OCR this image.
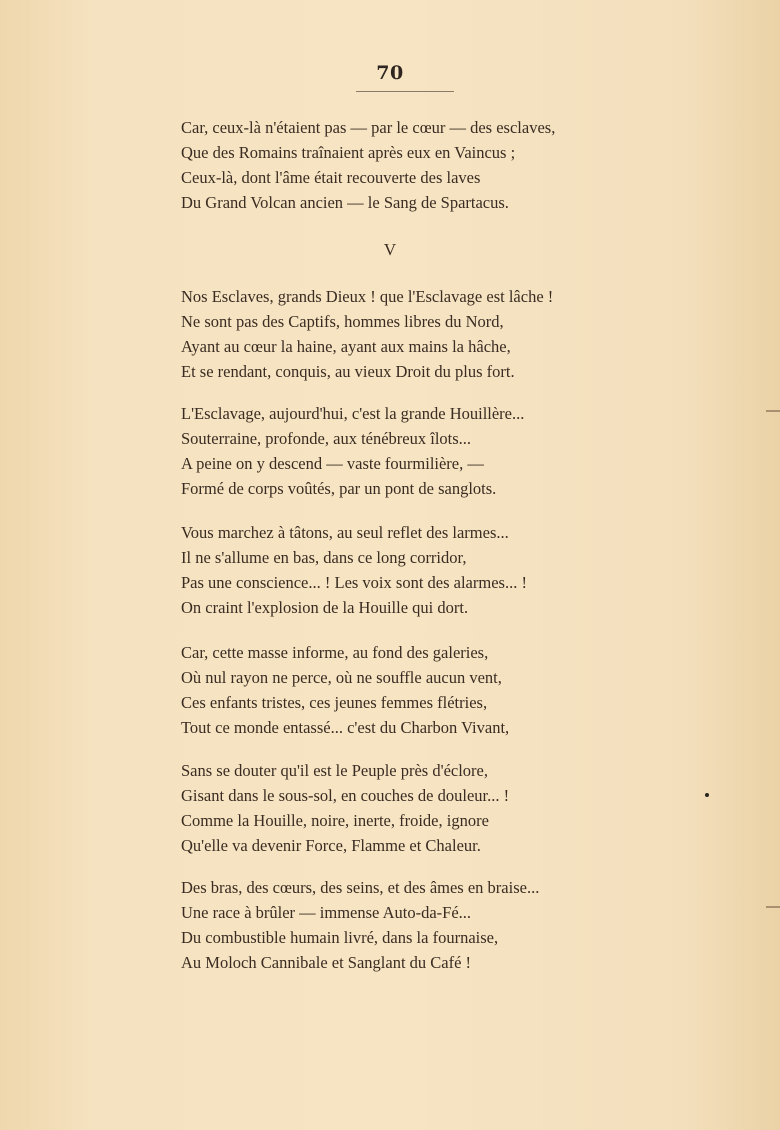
70
Car, ceux-là n'étaient pas — par le cœur — des esclaves,
Que des Romains traînaient après eux en Vaincus ;
Ceux-là, dont l'âme était recouverte des laves
Du Grand Volcan ancien — le Sang de Spartacus.
V
Nos Esclaves, grands Dieux ! que l'Esclavage est lâche !
Ne sont pas des Captifs, hommes libres du Nord,
Ayant au cœur la haine, ayant aux mains la hâche,
Et se rendant, conquis, au vieux Droit du plus fort.
L'Esclavage, aujourd'hui, c'est la grande Houillère...
Souterraine, profonde, aux ténébreux îlots...
A peine on y descend — vaste fourmilière, —
Formé de corps voûtés, par un pont de sanglots.
Vous marchez à tâtons, au seul reflet des larmes...
Il ne s'allume en bas, dans ce long corridor,
Pas une conscience... ! Les voix sont des alarmes... !
On craint l'explosion de la Houille qui dort.
Car, cette masse informe, au fond des galeries,
Où nul rayon ne perce, où ne souffle aucun vent,
Ces enfants tristes, ces jeunes femmes flétries,
Tout ce monde entassé... c'est du Charbon Vivant,
Sans se douter qu'il est le Peuple près d'éclore,
Gisant dans le sous-sol, en couches de douleur... !
Comme la Houille, noire, inerte, froide, ignore
Qu'elle va devenir Force, Flamme et Chaleur.
Des bras, des cœurs, des seins, et des âmes en braise...
Une race à brûler — immense Auto-da-Fé...
Du combustible humain livré, dans la fournaise,
Au Moloch Cannibale et Sanglant du Café !
